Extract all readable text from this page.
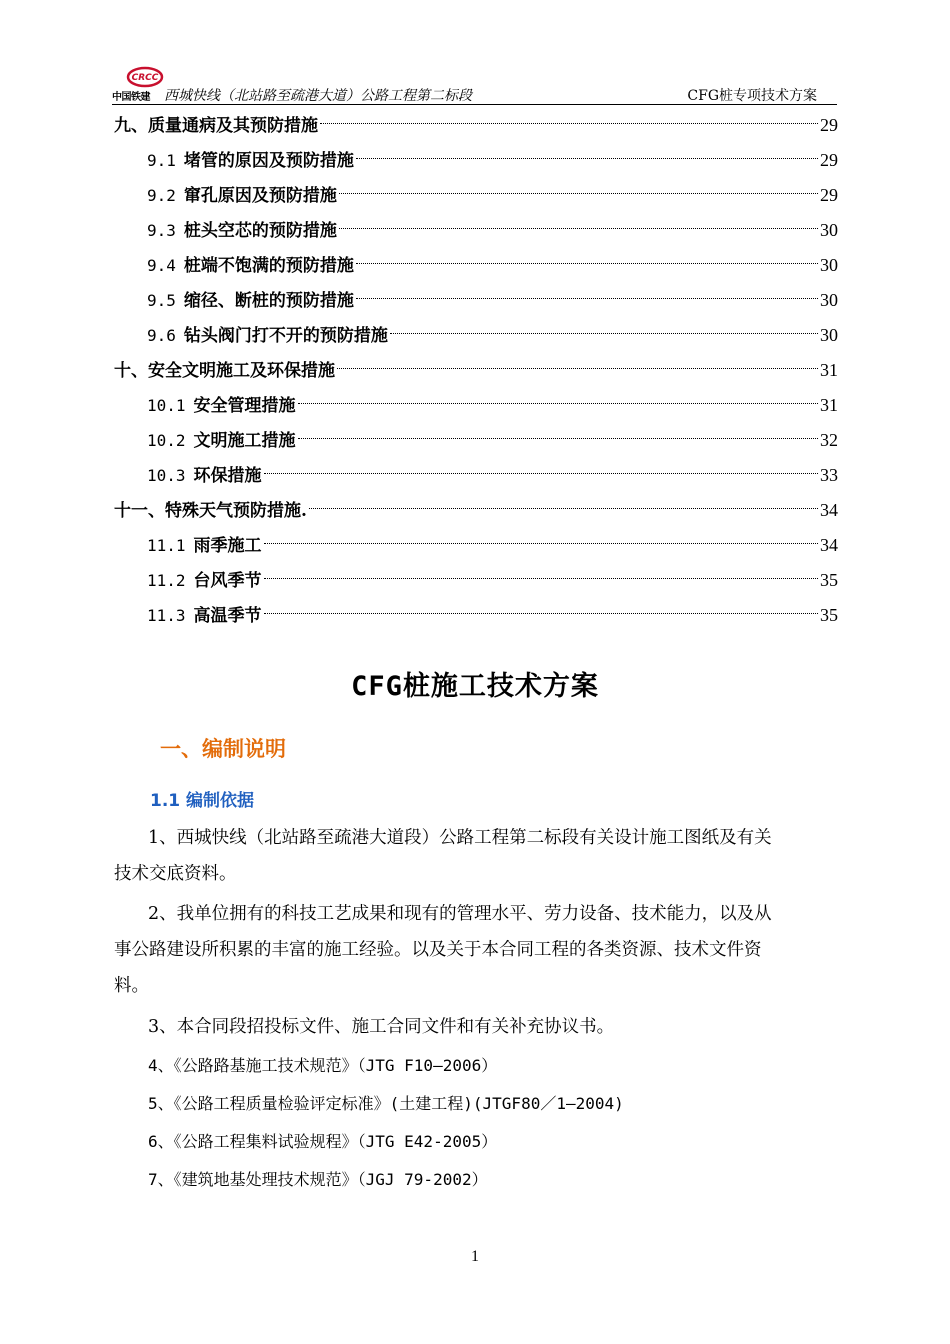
CRCC
中国铁建 西城快线（北站路至疏港大道）公路工程第二标段	CFG桩专项技术方案
九、质量通病及其预防措施	29
9.1 堵管的原因及预防措施	29
9.2 窜孔原因及预防措施	29
9.3 桩头空芯的预防措施	30
9.4 桩端不饱满的预防措施	30
9.5 缩径、断桩的预防措施	30
9.6 钻头阀门打不开的预防措施	30
十、安全文明施工及环保措施	31
10.1 安全管理措施	31
10.2 文明施工措施	32
10.3 环保措施	33
十一、特殊天气预防措施.	34
11.1 雨季施工	34
11.2 台风季节	35
11.3 高温季节	35
CFG桩施工技术方案
一、编制说明
1.1 编制依据
1、西城快线（北站路至疏港大道段）公路工程第二标段有关设计施工图纸及有关
技术交底资料。
2、我单位拥有的科技工艺成果和现有的管理水平、劳力设备、技术能力，以及从
事公路建设所积累的丰富的施工经验。以及关于本合同工程的各类资源、技术文件资
料。
3、本合同段招投标文件、施工合同文件和有关补充协议书。
4、《公路路基施工技术规范》（JTG F10—2006）
5、《公路工程质量检验评定标准》(土建工程)(JTGF80／1—2004)
6、《公路工程集料试验规程》（JTG E42-2005）
7、《建筑地基处理技术规范》（JGJ 79-2002）
1
